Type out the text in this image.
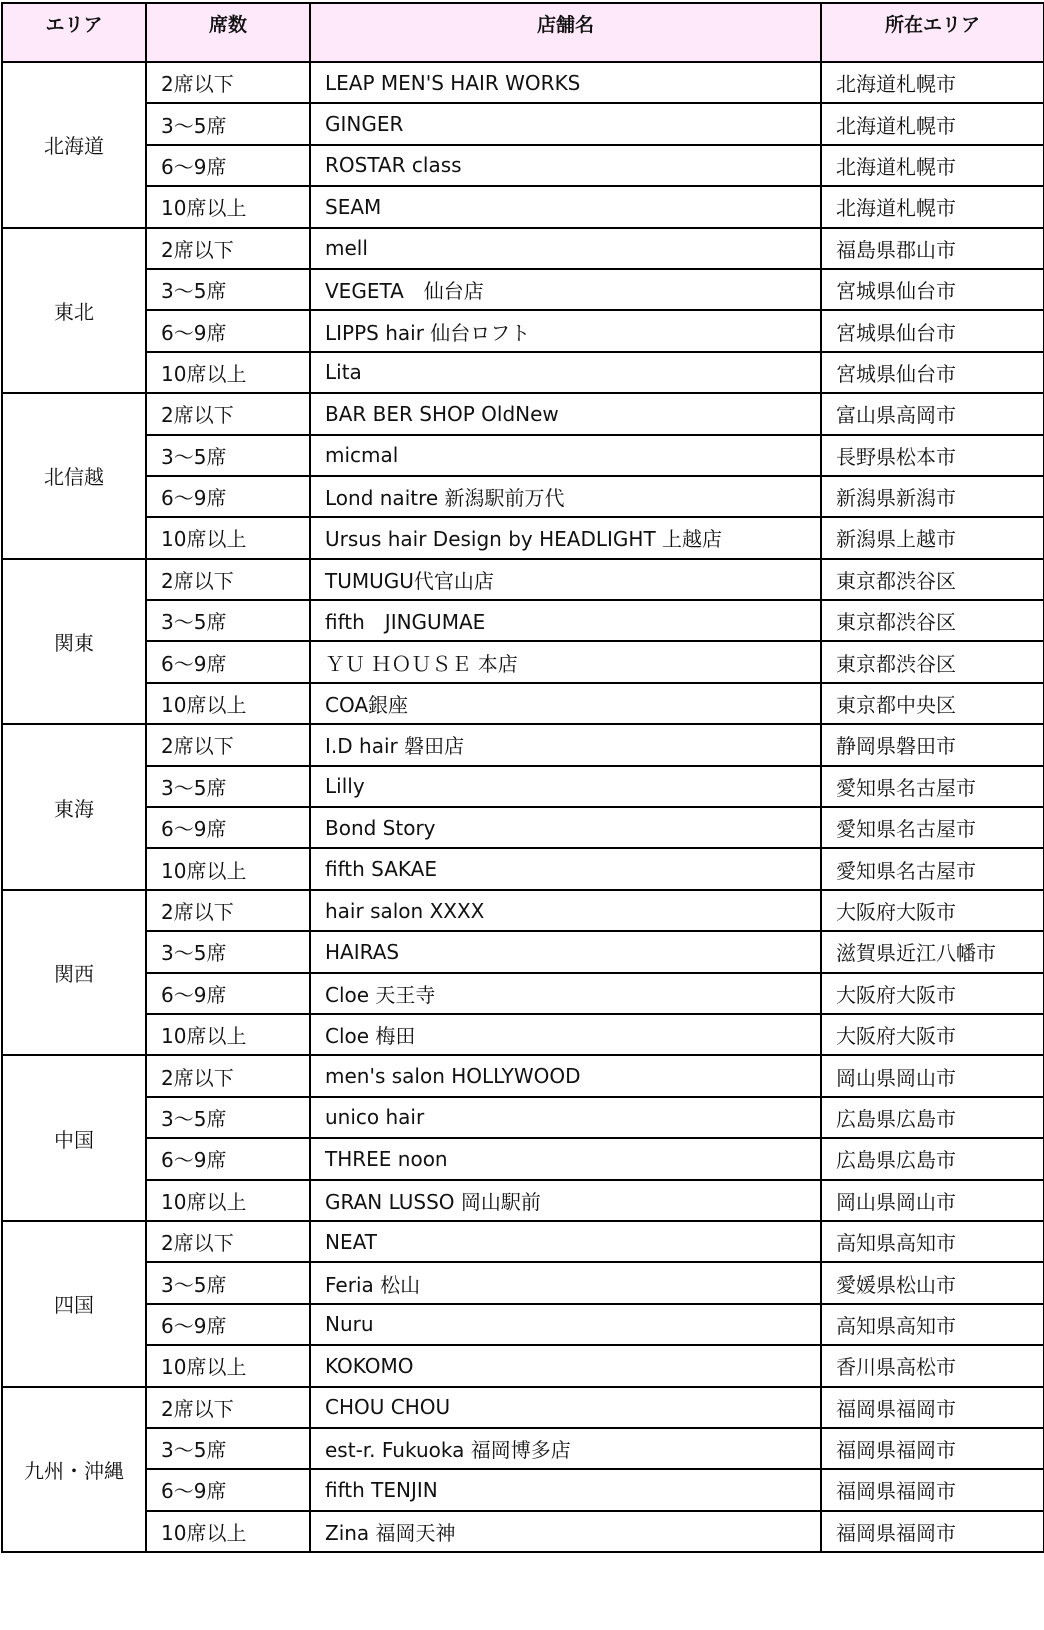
エリア	席数	店舗名	所在エリア
北海道	2席以下	LEAP MEN'S HAIR WORKS	北海道札幌市
	3～5席	GINGER	北海道札幌市
	6～9席	ROSTAR class	北海道札幌市
	10席以上	SEAM	北海道札幌市
東北	2席以下	mell	福島県郡山市
	3～5席	VEGETA　仙台店	宮城県仙台市
	6～9席	LIPPS hair 仙台ロフト	宮城県仙台市
	10席以上	Lita	宮城県仙台市
北信越	2席以下	BAR BER SHOP OldNew	富山県高岡市
	3～5席	micmal	長野県松本市
	6～9席	Lond naitre 新潟駅前万代	新潟県新潟市
	10席以上	Ursus hair Design by HEADLIGHT 上越店	新潟県上越市
関東	2席以下	TUMUGU代官山店	東京都渋谷区
	3～5席	fifth　JINGUMAE	東京都渋谷区
	6～9席	ＹＵ ＨＯＵＳＥ 本店	東京都渋谷区
	10席以上	COA銀座	東京都中央区
東海	2席以下	I.D hair 磐田店	静岡県磐田市
	3～5席	Lilly	愛知県名古屋市
	6～9席	Bond Story	愛知県名古屋市
	10席以上	fifth SAKAE	愛知県名古屋市
関西	2席以下	hair salon XXXX	大阪府大阪市
	3～5席	HAIRAS	滋賀県近江八幡市
	6～9席	Cloe 天王寺	大阪府大阪市
	10席以上	Cloe 梅田	大阪府大阪市
中国	2席以下	men's salon HOLLYWOOD	岡山県岡山市
	3～5席	unico hair	広島県広島市
	6～9席	THREE noon	広島県広島市
	10席以上	GRAN LUSSO 岡山駅前	岡山県岡山市
四国	2席以下	NEAT	高知県高知市
	3～5席	Feria 松山	愛媛県松山市
	6～9席	Nuru	高知県高知市
	10席以上	KOKOMO	香川県高松市
九州・沖縄	2席以下	CHOU CHOU	福岡県福岡市
	3～5席	est-r. Fukuoka 福岡博多店	福岡県福岡市
	6～9席	fifth TENJIN	福岡県福岡市
	10席以上	Zina 福岡天神	福岡県福岡市
